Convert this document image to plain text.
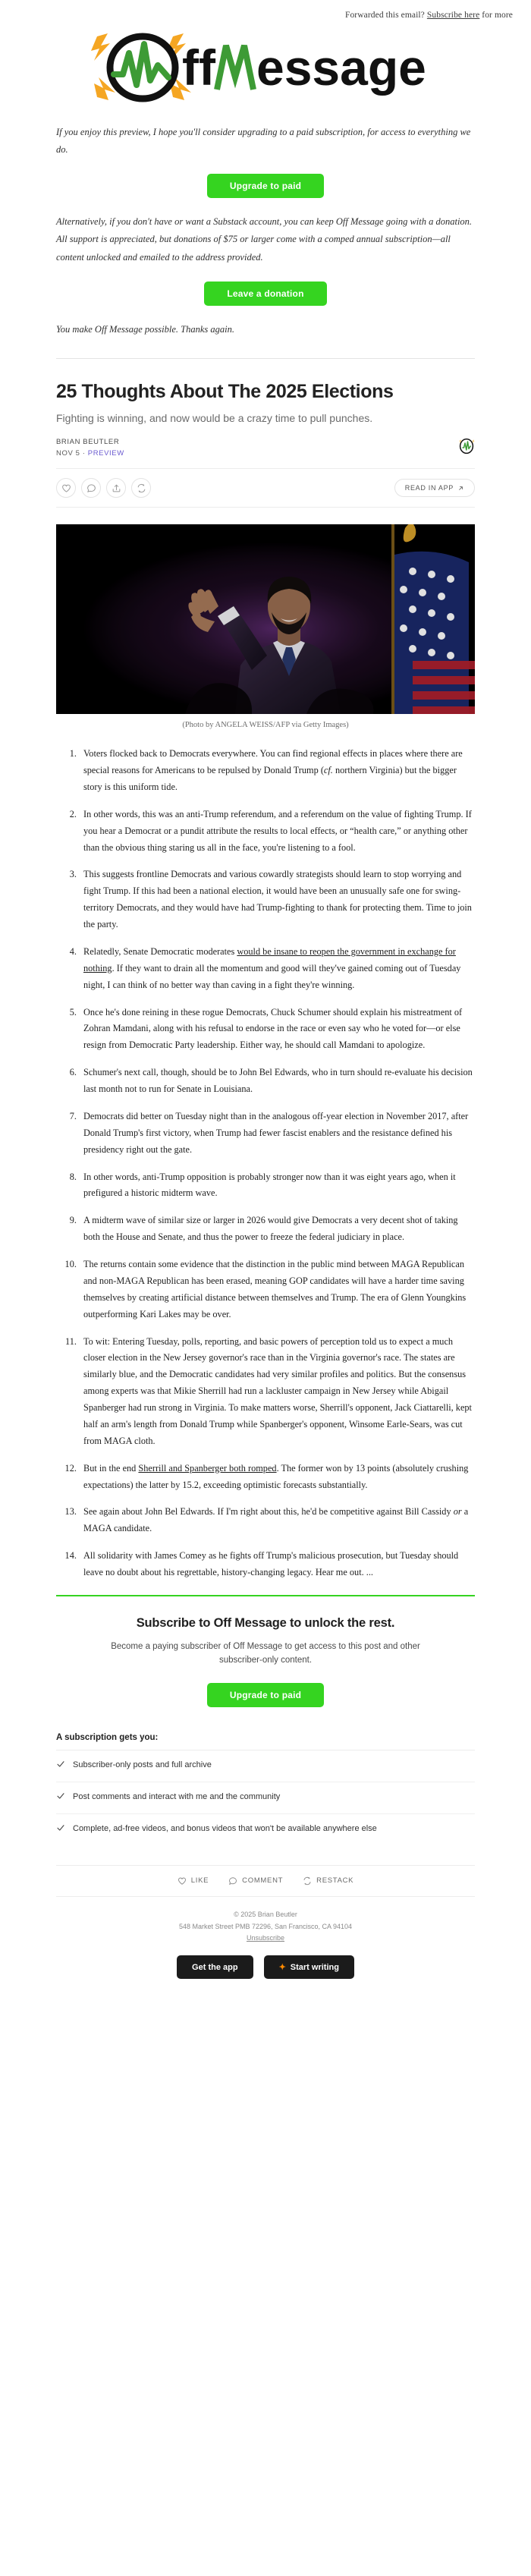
Forwarded this email? Subscribe here for more
ff essage

If you enjoy this preview, I hope you'll consider upgrading to a paid subscription, for access to everything we do.

Upgrade to paid

Alternatively, if you don't have or want a Substack account, you can keep Off Message going with a donation. All support is appreciated, but donations of $75 or larger come with a comped annual subscription—all content unlocked and emailed to the address provided.

Leave a donation

You make Off Message possible. Thanks again.

25 Thoughts About The 2025 Elections
Fighting is winning, and now would be a crazy time to pull punches.
BRIAN BEUTLER
NOV 5 · PREVIEW
READ IN APP
(Photo by ANGELA WEISS/AFP via Getty Images)
1. Voters flocked back to Democrats everywhere. You can find regional effects in places where there are special reasons for Americans to be repulsed by Donald Trump (cf. northern Virginia) but the bigger story is this uniform tide.
2. In other words, this was an anti-Trump referendum, and a referendum on the value of fighting Trump. If you hear a Democrat or a pundit attribute the results to local effects, or “health care,” or anything other than the obvious thing staring us all in the face, you're listening to a fool.
3. This suggests frontline Democrats and various cowardly strategists should learn to stop worrying and fight Trump. If this had been a national election, it would have been an unusually safe one for swing-territory Democrats, and they would have had Trump-fighting to thank for protecting them. Time to join the party.
4. Relatedly, Senate Democratic moderates would be insane to reopen the government in exchange for nothing. If they want to drain all the momentum and good will they've gained coming out of Tuesday night, I can think of no better way than caving in a fight they're winning.
5. Once he's done reining in these rogue Democrats, Chuck Schumer should explain his mistreatment of Zohran Mamdani, along with his refusal to endorse in the race or even say who he voted for—or else resign from Democratic Party leadership. Either way, he should call Mamdani to apologize.
6. Schumer's next call, though, should be to John Bel Edwards, who in turn should re-evaluate his decision last month not to run for Senate in Louisiana.
7. Democrats did better on Tuesday night than in the analogous off-year election in November 2017, after Donald Trump's first victory, when Trump had fewer fascist enablers and the resistance defined his presidency right out the gate.
8. In other words, anti-Trump opposition is probably stronger now than it was eight years ago, when it prefigured a historic midterm wave.
9. A midterm wave of similar size or larger in 2026 would give Democrats a very decent shot of taking both the House and Senate, and thus the power to freeze the federal judiciary in place.
10. The returns contain some evidence that the distinction in the public mind between MAGA Republican and non-MAGA Republican has been erased, meaning GOP candidates will have a harder time saving themselves by creating artificial distance between themselves and Trump. The era of Glenn Youngkins outperforming Kari Lakes may be over.
11. To wit: Entering Tuesday, polls, reporting, and basic powers of perception told us to expect a much closer election in the New Jersey governor's race than in the Virginia governor's race. The states are similarly blue, and the Democratic candidates had very similar profiles and politics. But the consensus among experts was that Mikie Sherrill had run a lackluster campaign in New Jersey while Abigail Spanberger had run strong in Virginia. To make matters worse, Sherrill's opponent, Jack Ciattarelli, kept half an arm's length from Donald Trump while Spanberger's opponent, Winsome Earle-Sears, was cut from MAGA cloth.
12. But in the end Sherrill and Spanberger both romped. The former won by 13 points (absolutely crushing expectations) the latter by 15.2, exceeding optimistic forecasts substantially.
13. See again about John Bel Edwards. If I'm right about this, he'd be competitive against Bill Cassidy or a MAGA candidate.
14. All solidarity with James Comey as he fights off Trump's malicious prosecution, but Tuesday should leave no doubt about his regrettable, history-changing legacy. Hear me out. ...
Subscribe to Off Message to unlock the rest.
Become a paying subscriber of Off Message to get access to this post and other subscriber-only content.
Upgrade to paid
A subscription gets you:
Subscriber-only posts and full archive
Post comments and interact with me and the community
Complete, ad-free videos, and bonus videos that won't be available anywhere else
LIKE	COMMENT	RESTACK
© 2025 Brian Beutler
548 Market Street PMB 72296, San Francisco, CA 94104
Unsubscribe
Get the app	✦ Start writing
